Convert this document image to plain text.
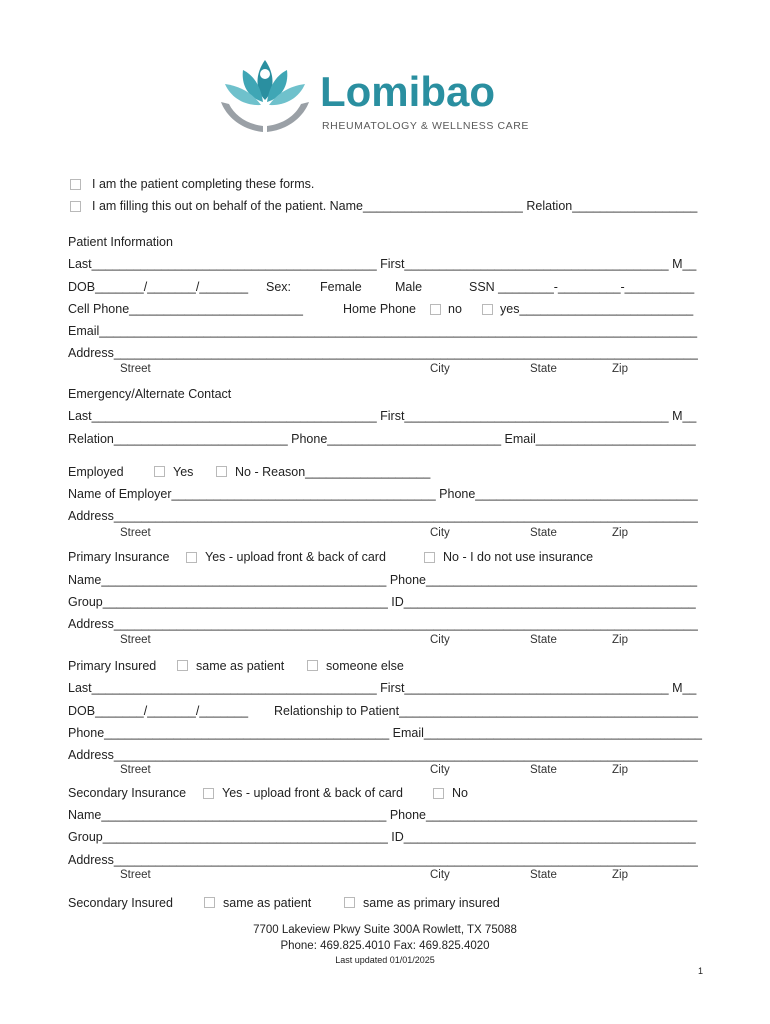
Lomibao
RHEUMATOLOGY & WELLNESS CARE
I am the patient completing these forms.
I am filling this out on behalf of the patient. Name_______________________ Relation__________________
Patient Information
Last_________________________________________ First______________________________________ M__
DOB_______/_______/_______ Sex: Female	Male	SSN ________-_________-__________
Cell Phone_________________________	Home Phone	no	yes_________________________
Email______________________________________________________________________________________
Address____________________________________________________________________________________
Street	City	State	Zip
Emergency/Alternate Contact
Last_________________________________________ First______________________________________ M__
Relation_________________________ Phone_________________________ Email_______________________
Employed	Yes	No - Reason__________________
Name of Employer______________________________________ Phone________________________________
Address____________________________________________________________________________________
Street	City	State	Zip
Primary Insurance	Yes - upload front & back of card	No - I do not use insurance
Name_________________________________________ Phone_______________________________________
Group_________________________________________ ID__________________________________________
Address____________________________________________________________________________________
Street	City	State	Zip
Primary Insured	same as patient	someone else
Last_________________________________________ First______________________________________ M__
DOB_______/_______/_______ Relationship to Patient___________________________________________
Phone_________________________________________ Email________________________________________
Address____________________________________________________________________________________
Street	City	State	Zip
Secondary Insurance	Yes - upload front & back of card	No
Name_________________________________________ Phone_______________________________________
Group_________________________________________ ID__________________________________________
Address____________________________________________________________________________________
Street	City	State	Zip
Secondary Insured	same as patient	same as primary insured
7700 Lakeview Pkwy Suite 300A Rowlett, TX 75088
Phone: 469.825.4010 Fax: 469.825.4020
Last updated 01/01/2025
1
